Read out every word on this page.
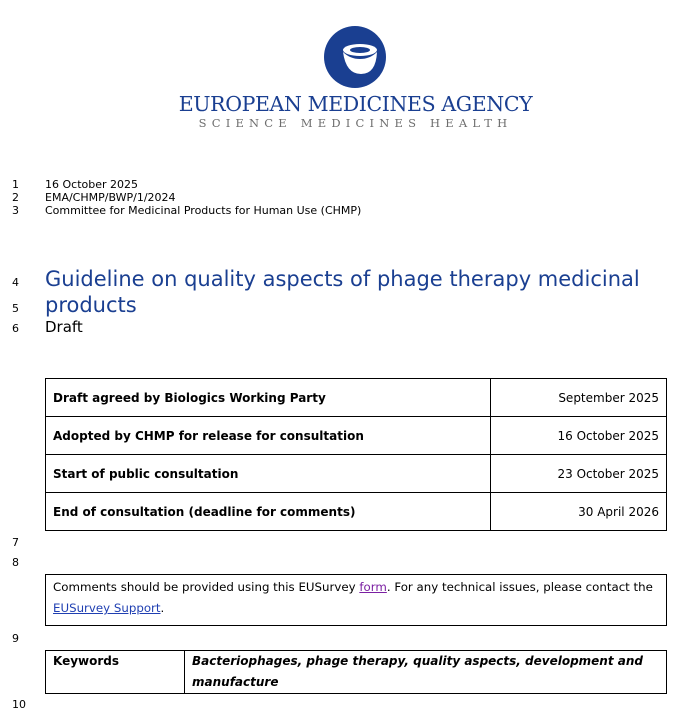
EUROPEAN MEDICINES AGENCY
SCIENCE MEDICINES HEALTH
1
2
3
4
5
6
7
8
9
10
16 October 2025
EMA/CHMP/BWP/1/2024
Committee for Medicinal Products for Human Use (CHMP)
Guideline on quality aspects of phage therapy medicinal products
Draft
Draft agreed by Biologics Working Party	September 2025
Adopted by CHMP for release for consultation	16 October 2025
Start of public consultation	23 October 2025
End of consultation (deadline for comments)	30 April 2026
Comments should be provided using this EUSurvey form. For any technical issues, please contact the EUSurvey Support.
Keywords	Bacteriophages, phage therapy, quality aspects, development and manufacture
